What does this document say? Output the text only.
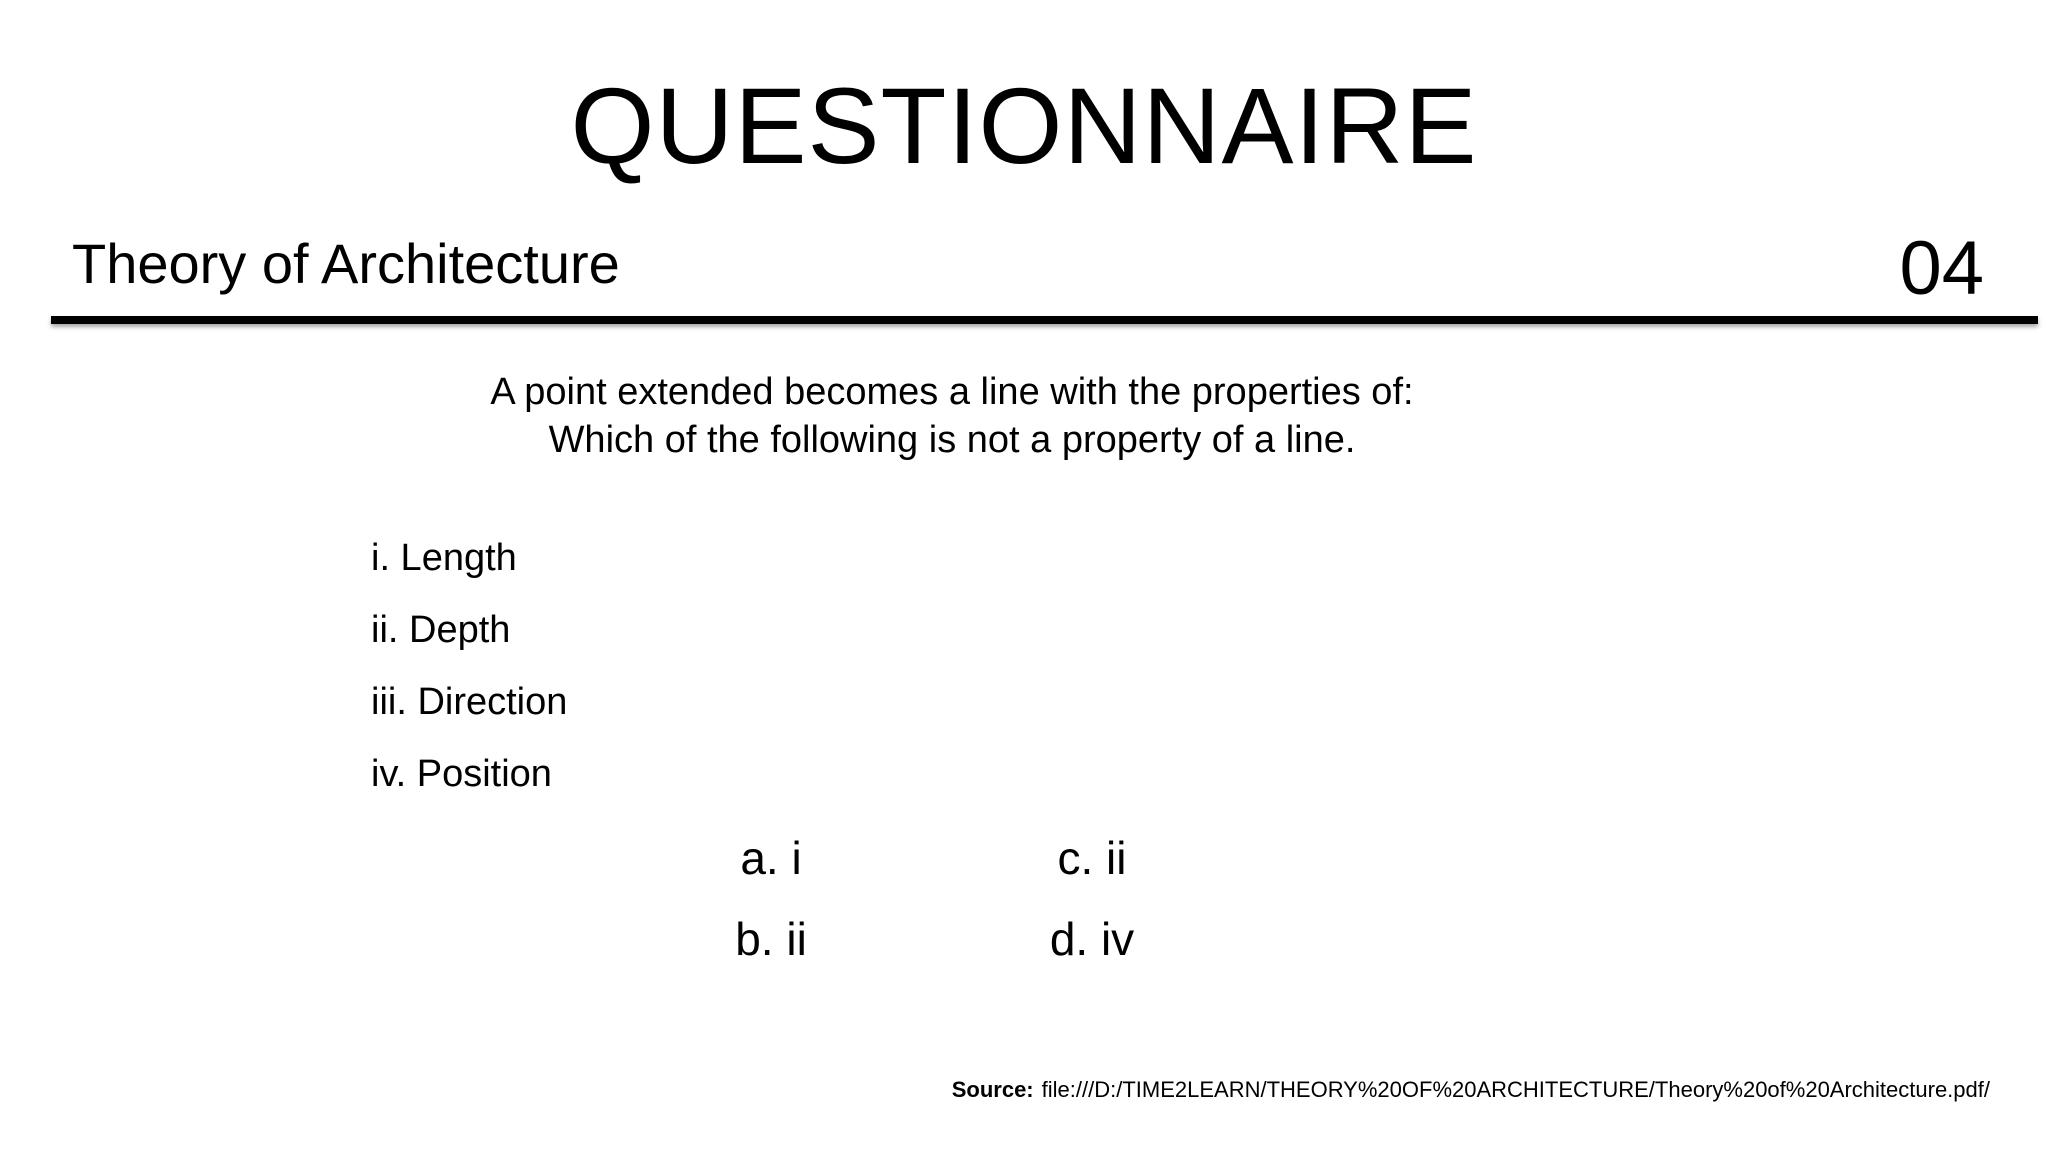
QUESTIONNAIRE
Theory of Architecture	04
A point extended becomes a line with the properties of:
Which of the following is not a property of a line.
i. Length
ii. Depth
iii. Direction
iv. Position
a. i	c. ii
b. ii	d. iv
Source: file:///D:/TIME2LEARN/THEORY%20OF%20ARCHITECTURE/Theory%20of%20Architecture.pdf/
